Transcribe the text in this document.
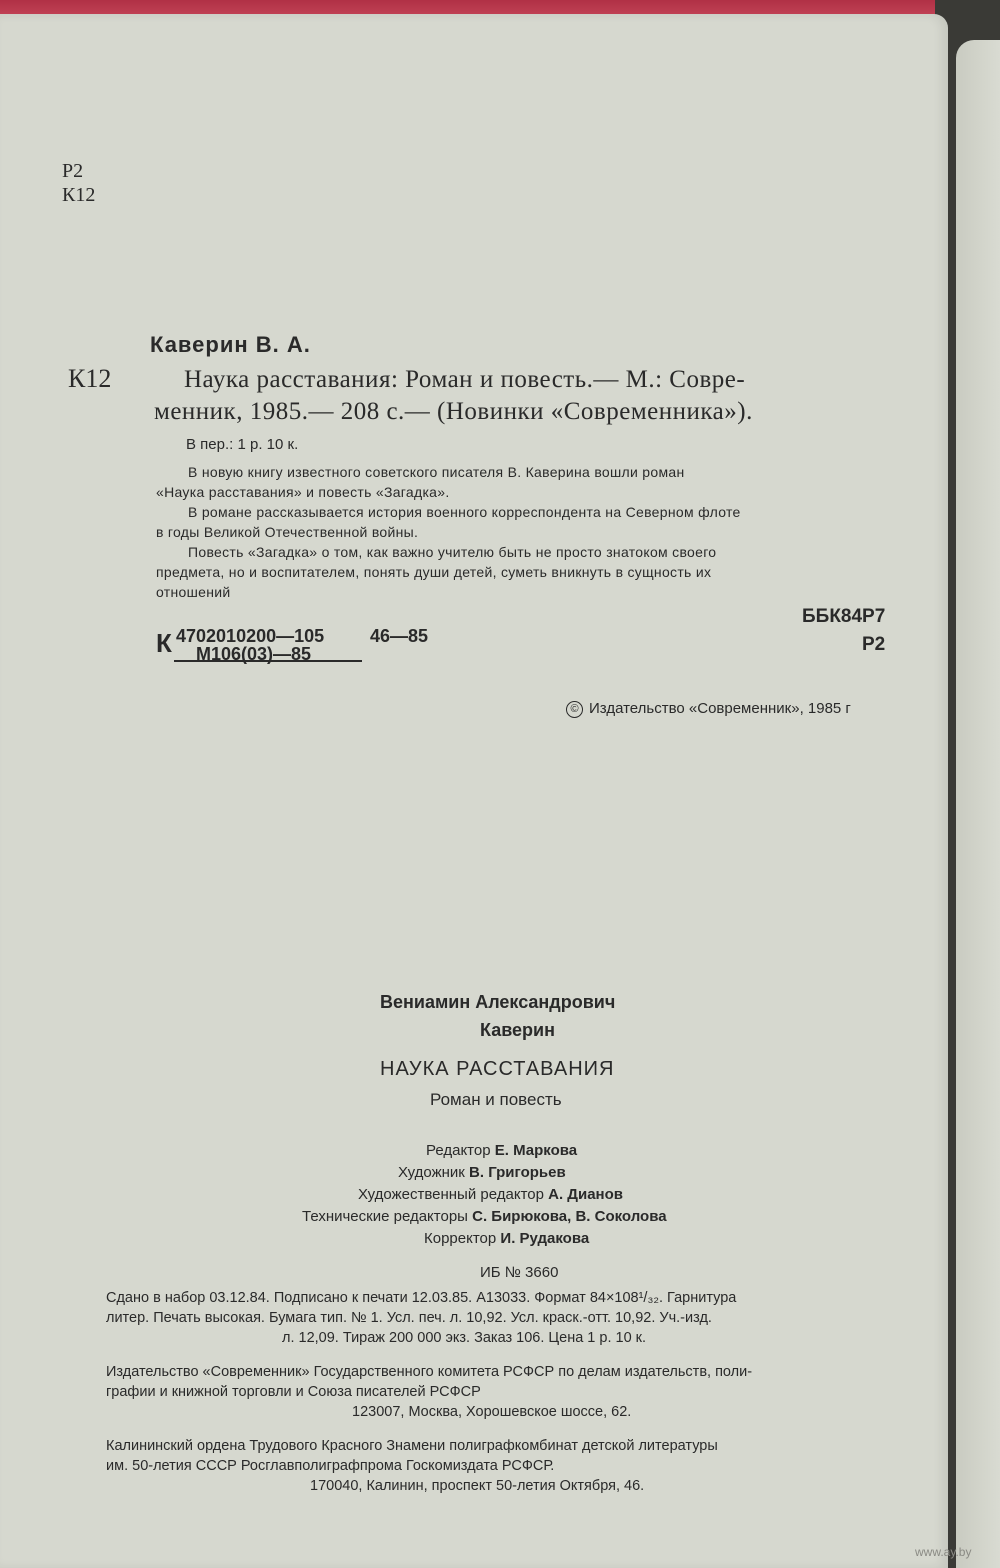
Р2

К12

К12

Каверин В. А.

Наука расставания: Роман и повесть.— М.: Совре-

менник, 1985.— 208 с.— (Новинки «Современника»).

В пер.: 1 р. 10 к.

В новую книгу известного советского писателя В. Каверина вошли роман

«Наука расставания» и повесть «Загадка».

В романе рассказывается история военного корреспондента на Северном флоте

в годы Великой Отечественной войны.

Повесть «Загадка» о том, как важно учителю быть не просто знатоком своего

предмета, но и воспитателем, понять души детей, суметь вникнуть в сущность их

отношений

ББК84Р7

Р2

К 4702010200—105

М106(03)—85

46—85

© Издательство «Современник», 1985 г

Вениамин Александрович

Каверин

НАУКА РАССТАВАНИЯ

Роман и повесть

Редактор Е. Маркова

Художник В. Григорьев

Художественный редактор А. Дианов

Технические редакторы С. Бирюкова, В. Соколова

Корректор И. Рудакова

ИБ № 3660

Сдано в набор 03.12.84. Подписано к печати 12.03.85. А13033. Формат 84×108¹/₃₂. Гарнитура

литер. Печать высокая. Бумага тип. № 1. Усл. печ. л. 10,92. Усл. краск.-отт. 10,92. Уч.-изд.

л. 12,09. Тираж 200 000 экз. Заказ 106. Цена 1 р. 10 к.

Издательство «Современник» Государственного комитета РСФСР по делам издательств, поли-

графии и книжной торговли и Союза писателей РСФСР

123007, Москва, Хорошевское шоссе, 62.

Калининский ордена Трудового Красного Знамени полиграфкомбинат детской литературы

им. 50-летия СССР Росглавполиграфпрома Госкомиздата РСФСР.

170040, Калинин, проспект 50-летия Октября, 46.

www.ay.by
